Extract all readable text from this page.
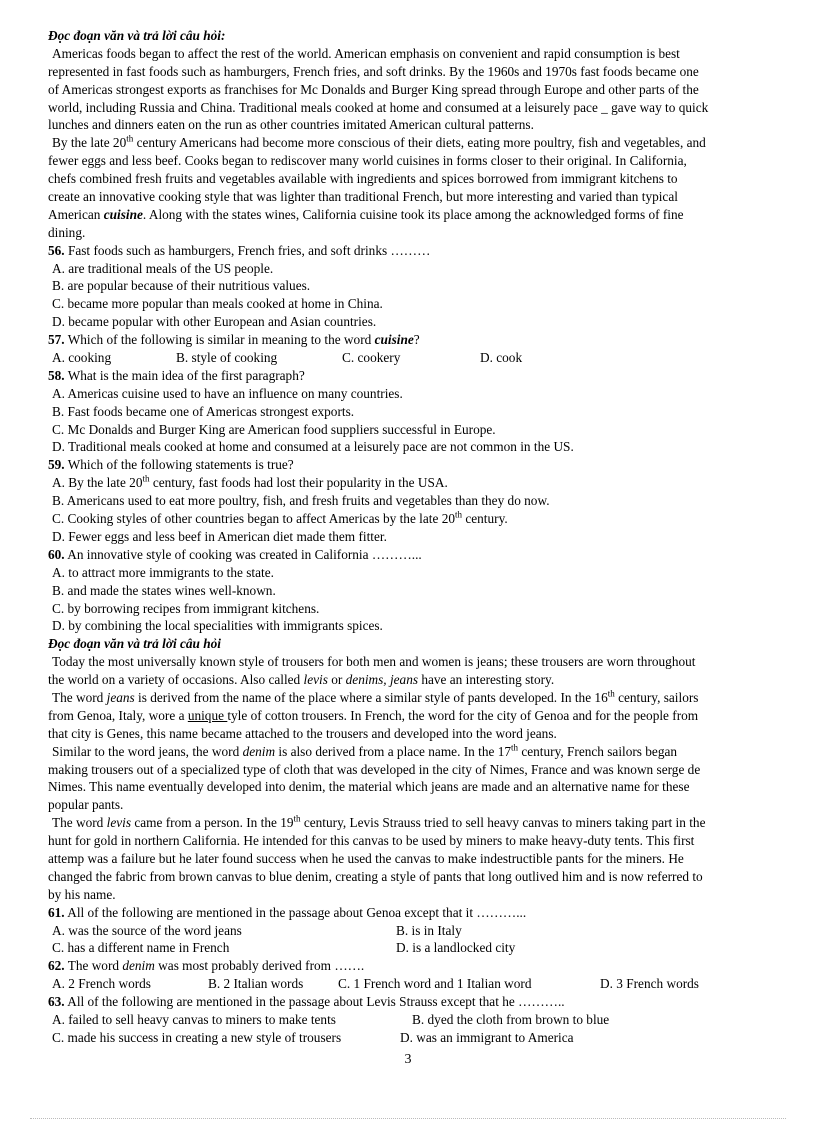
Đọc đoạn văn và trả lời câu hỏi:
Americas foods began to affect the rest of the world. American emphasis on convenient and rapid consumption is best
represented in fast foods such as hamburgers, French fries, and soft drinks. By the 1960s and 1970s fast foods became one
of Americas strongest exports as franchises for Mc Donalds and Burger King spread through Europe and other parts of the
world, including Russia and China. Traditional meals cooked at home and consumed at a leisurely pace _ gave way to quick
lunches and dinners eaten on the run as other countries imitated American cultural patterns.
By the late 20th century Americans had become more conscious of their diets, eating more poultry, fish and vegetables, and
fewer eggs and less beef. Cooks began to rediscover many world cuisines in forms closer to their original. In California,
chefs combined fresh fruits and vegetables available with ingredients and spices borrowed from immigrant kitchens to
create an innovative cooking style that was lighter than traditional French, but more interesting and varied than typical
American cuisine. Along with the states wines, California cuisine took its place among the acknowledged forms of fine
dining.
56. Fast foods such as hamburgers, French fries, and soft drinks ………
A. are traditional meals of the US people.
B. are popular because of their nutritious values.
C. became more popular than meals cooked at home in China.
D. became popular with other European and Asian countries.
57. Which of the following is similar in meaning to the word cuisine?
A. cooking	B. style of cooking	C. cookery	D. cook
58. What is the main idea of the first paragraph?
A. Americas cuisine used to have an influence on many countries.
B. Fast foods became one of Americas strongest exports.
C. Mc Donalds and Burger King are American food suppliers successful in Europe.
D. Traditional meals cooked at home and consumed at a leisurely pace are not common in the US.
59. Which of the following statements is true?
A. By the late 20th century, fast foods had lost their popularity in the USA.
B. Americans used to eat more poultry, fish, and fresh fruits and vegetables than they do now.
C. Cooking styles of other countries began to affect Americas by the late 20th century.
D. Fewer eggs and less beef in American diet made them fitter.
60. An innovative style of cooking was created in California ………...
A. to attract more immigrants to the state.
B. and made the states wines well-known.
C. by borrowing recipes from immigrant kitchens.
D. by combining the local specialities with immigrants spices.
Đọc đoạn văn và trả lời câu hỏi
Today the most universally known style of trousers for both men and women is jeans; these trousers are worn throughout
the world on a variety of occasions. Also called levis or denims, jeans have an interesting story.
The word jeans is derived from the name of the place where a similar style of pants developed. In the 16th century, sailors
from Genoa, Italy, wore a unique tyle of cotton trousers. In French, the word for the city of Genoa and for the people from
that city is Genes, this name became attached to the trousers and developed into the word jeans.
Similar to the word jeans, the word denim is also derived from a place name. In the 17th century, French sailors began
making trousers out of a specialized type of cloth that was developed in the city of Nimes, France and was known serge de
Nimes. This name eventually developed into denim, the material which jeans are made and an alternative name for these
popular pants.
The word levis came from a person. In the 19th century, Levis Strauss tried to sell heavy canvas to miners taking part in the
hunt for gold in northern California. He intended for this canvas to be used by miners to make heavy-duty tents. This first
attemp was a failure but he later found success when he used the canvas to make indestructible pants for the miners. He
changed the fabric from brown canvas to blue denim, creating a style of pants that long outlived him and is now referred to
by his name.
61. All of the following are mentioned in the passage about Genoa except that it ………...
A. was the source of the word jeans	B. is in Italy
C. has a different name in French	D. is a landlocked city
62. The word denim was most probably derived from …….
A. 2 French words	B. 2 Italian words	C. 1 French word and 1 Italian word	D. 3 French words
63. All of the following are mentioned in the passage about Levis Strauss except that he ………..
A. failed to sell heavy canvas to miners to make tents	B. dyed the cloth from brown to blue
C. made his success in creating a new style of trousers	D. was an immigrant to America
3
